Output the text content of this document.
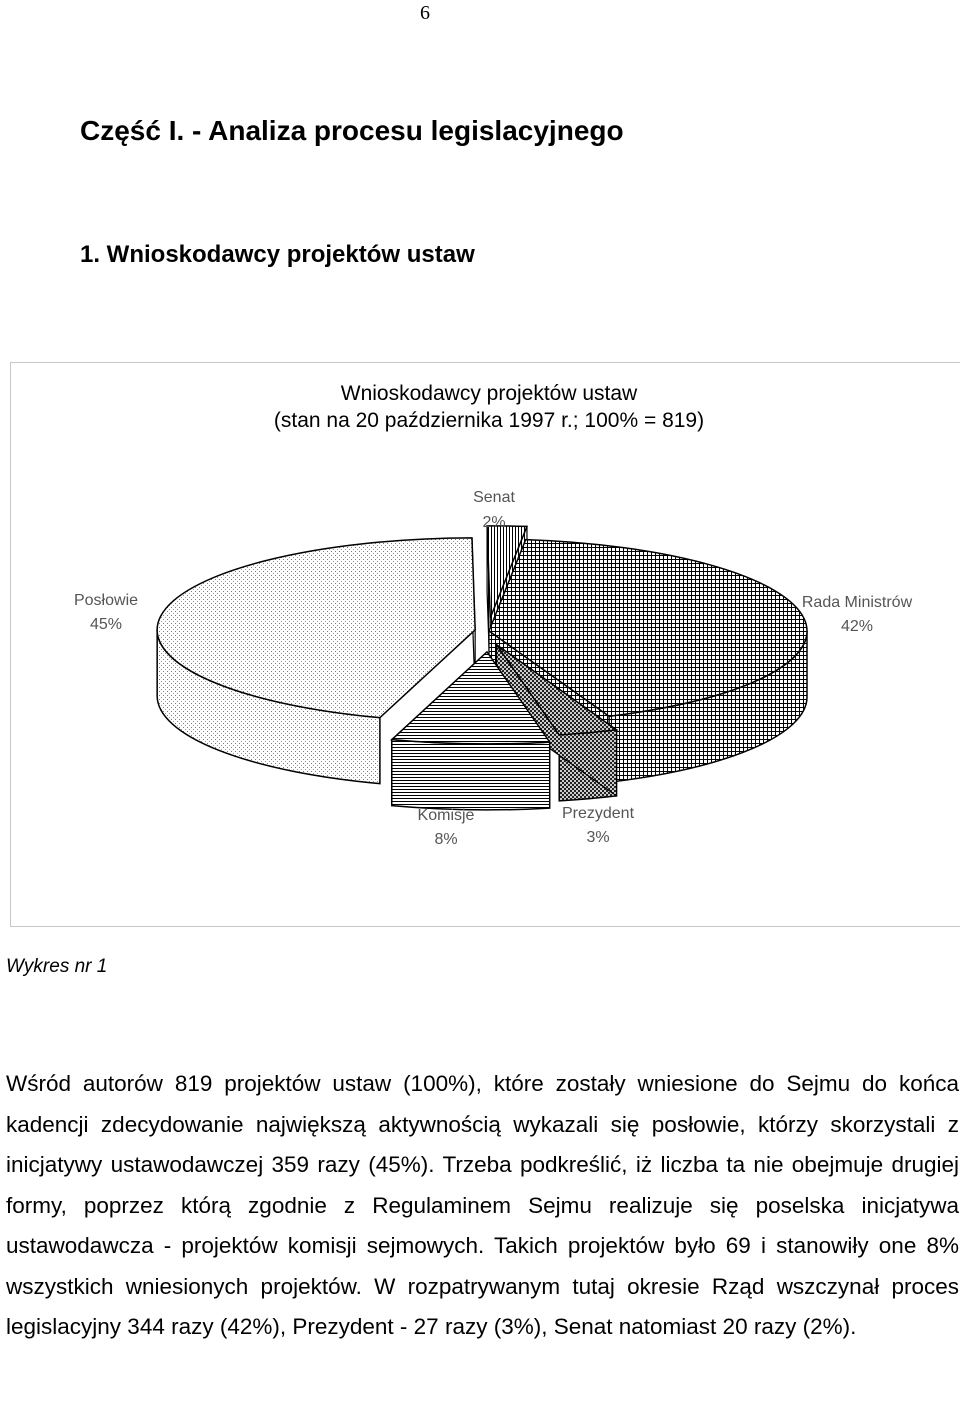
6
Część I. - Analiza procesu legislacyjnego
1. Wnioskodawcy projektów ustaw
Wnioskodawcy projektów ustaw
(stan na 20 października 1997 r.; 100% = 819)
Senat
2%
Rada Ministrów
42%
Prezydent
3%
Komisje
8%
Posłowie
45%
Wykres nr 1
Wśród autorów 819 projektów ustaw (100%), które zostały wniesione do Sejmu do końca kadencji zdecydowanie największą aktywnością wykazali się posłowie, którzy skorzystali z inicjatywy ustawodawczej 359 razy (45%). Trzeba podkreślić, iż liczba ta nie obejmuje drugiej formy, poprzez którą zgodnie z Regulaminem Sejmu realizuje się poselska inicjatywa ustawodawcza - projektów komisji sejmowych. Takich projektów było 69 i stanowiły one 8% wszystkich wniesionych projektów. W rozpatrywanym tutaj okresie Rząd wszczynał proces legislacyjny 344 razy (42%), Prezydent - 27 razy (3%), Senat natomiast 20 razy (2%).
